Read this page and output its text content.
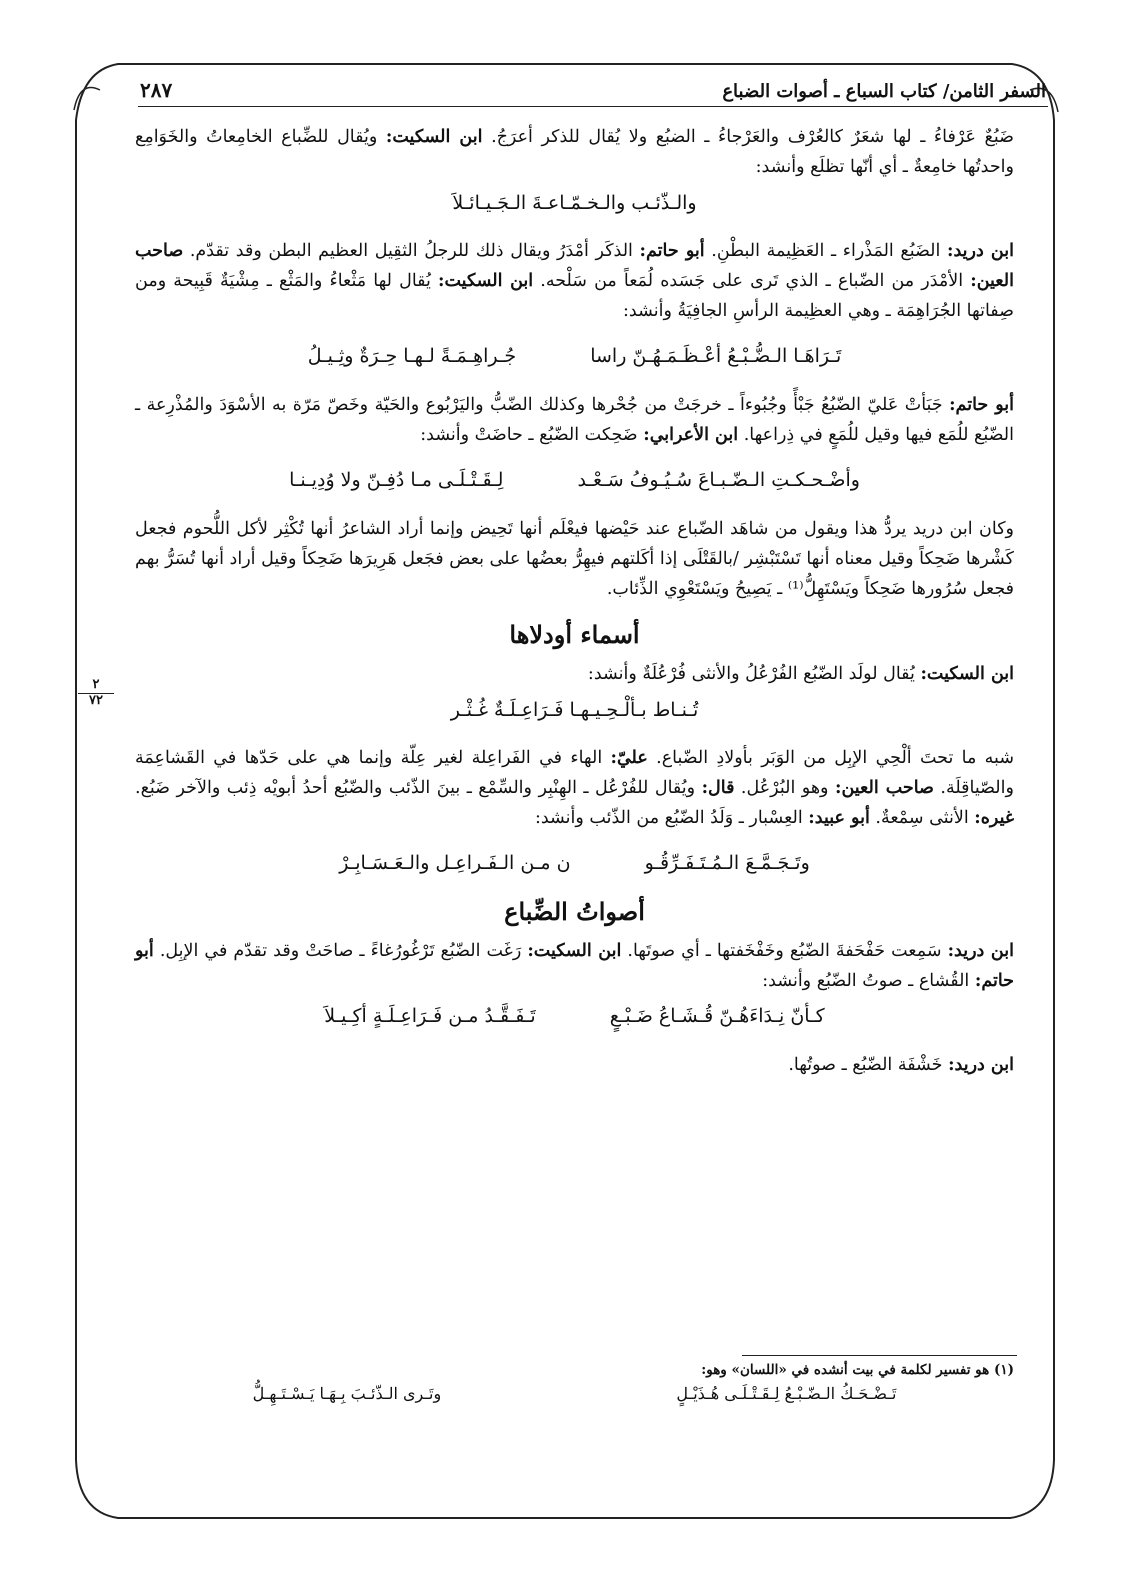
٢٨٧	السفر الثامن/ كتاب السباع ـ أصوات الضباع
٢
٧٢

ضَبُعٌ عَرْفاءُ ـ لها شعَرٌ كالعُرْف والعَرْجاءُ ـ الضبُع ولا يُقال للذكر أعرَجُ. ابن السكيت: ويُقال للضِّباع الخامِعاتُ والخَوَامِع واحدتُها خامِعةٌ ـ أي أنّها تظلَع وأنشد:

والـذّئـب والـخـمّـاعـةَ الـجَـيـائـلاَ

ابن دريد: الضَبُع المَذْراء ـ العَظِيمة البطْنِ. أبو حاتم: الذكَر أمْدَرُ ويقال ذلك للرجلُ الثقِيل العظيم البطن وقد تقدّم. صاحب العين: الأمْدَر من الضّباع ـ الذي تَرى على جَسَده لُمَعاً من سَلْحه. ابن السكيت: يُقال لها مَثْعاءُ والمَثْع ـ مِشْيَةٌ قَبِيحة ومن صِفاتها الجُرَاهِمَة ـ وهي العظِيمة الرأسِ الجافِيَةُ وأنشد:

تَـرَاهَـا الـضُّـبْـعُ أعْـظَـمَـهُـنّ راسا جُـراهِـمَـةً لـهـا حِـرَةٌ وثِـيـلُ

أبو حاتم: جَبَأتْ عَليّ الضّبُعُ جَبْأً وجُبُوءاً ـ خرجَتْ من جُحْرها وكذلك الضّبُّ واليَرْبُوع والحَيّة وخَصّ مَرّة به الأسْوَدَ والمُذْرِعة ـ الضّبُع للُمَع فيها وقيل للُمَعٍ في ذِراعها. ابن الأعرابي: ضَحِكت الضّبُع ـ حاضَتْ وأنشد:

وأضْـحـكـتِ الـضّـبـاعَ سُـيُـوفُ سَـعْـد لِـقَـتْـلَـى مـا دُفِـنّ ولا وُدِيـنـا

وكان ابن دريد يردُّ هذا ويقول من شاهَد الضّباع عند حَيْضها فيعْلَم أنها تَحِيض وإنما أراد الشاعرُ أنها تُكْثِر لأكل اللُّحوم فجعل كَشْرها ضَحِكاً وقيل معناه أنها تَسْتَبْشِر /بالقَتْلَى إذا أكَلتهم فيهِرُّ بعضُها على بعض فجَعل هَرِيرَها ضَحِكاً وقيل أراد أنها تُسَرُّ بهم فجعل سُرُورها ضَحِكاً ويَسْتَهِلُّ⁽¹⁾ ـ يَصِيحُ ويَسْتَعْوِي الذِّئاب.

أسماء أودلاها

ابن السكيت: يُقال لولَد الضّبُع الفُرْعُلُ والأنثى فُرْعُلَةٌ وأنشد:

تُـنـاط بـألْـحِـيـهـا فَـرَاعِـلَـةٌ غُـثْـر

شبه ما تحتَ ألْحِي الإبِل من الوَبَر بأولادِ الضّباع. عليّ: الهاء في الفَراعِلة لغير عِلّة وإنما هي على حَدّها في القَشاعِمَة والصّياقِلَة. صاحب العين: وهو البُرْعُل. قال: ويُقال للفُرْعُل ـ الهِنْبِر والسِّمْع ـ بينَ الذّئب والضّبُع أحدُ أبويْه ذِئب والآخر ضَبُع. غيره: الأنثى سِمْعةٌ. أبو عبيد: العِسْبار ـ وَلَدُ الضّبُع من الذّئب وأنشد:

وتَـجَـمَّـعَ الـمُـتَـفَـرِّقُـو ن مـن الـفَـراعِـل والـعَـسَـابِـرْ
أصواتُ الضِّباع

ابن دريد: سَمِعت حَفْحَفةَ الضّبُع وخَفْخَفتها ـ أي صوتَها. ابن السكيت: رَغَت الضّبُع تَرْغُورُغاءً ـ صاحَتْ وقد تقدّم في الإبِل. أبو حاتم: القُشاع ـ صوتُ الضّبُع وأنشد:

كـأنّ نِـدَاءَهُـنّ قُـشَـاعُ ضَـبْـعٍ تَـفَـقَّـدُ مـن فَـرَاعِـلَـةٍ أكِـيـلاَ

ابن دريد: خَشْفَة الضّبُع ـ صوتُها.

(١) هو تفسير لكلمة في بيت أنشده في «اللسان» وهو:
تَـضْـحَـكُ الـضّـبْـعُ لِـقَـتْـلَـى هُـذَيْـلٍ
وتَـرى الـذّئـبَ بِـهَـا يَـسْـتَـهِـلُّ
